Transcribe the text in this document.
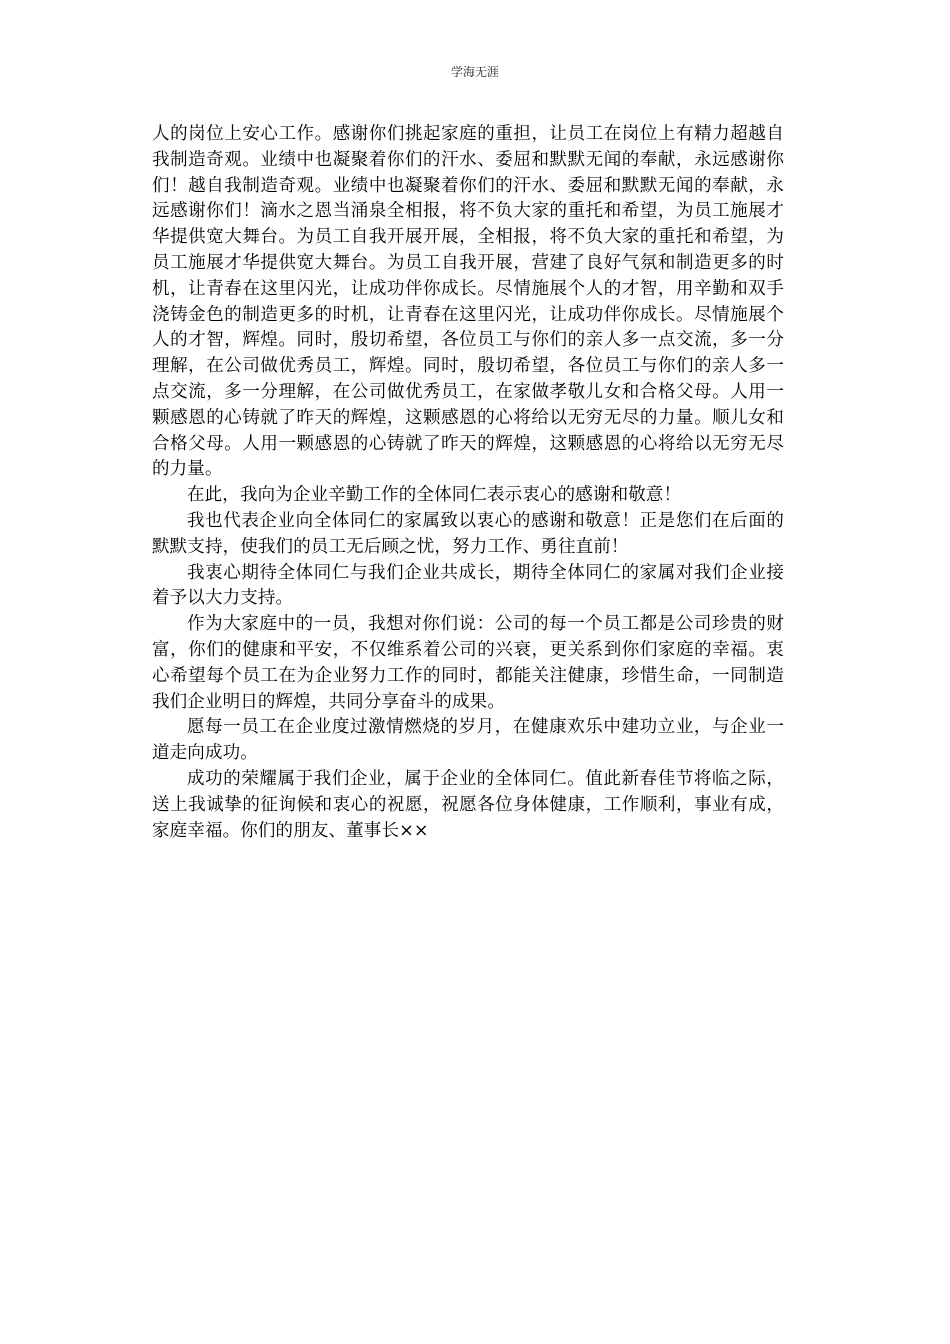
学海无涯

人的岗位上安心工作。感谢你们挑起家庭的重担，让员工在岗位上有精力超越自我制造奇观。业绩中也凝聚着你们的汗水、委屈和默默无闻的奉献，永远感谢你们！越自我制造奇观。业绩中也凝聚着你们的汗水、委屈和默默无闻的奉献，永远感谢你们！滴水之恩当涌泉全相报，将不负大家的重托和希望，为员工施展才华提供宽大舞台。为员工自我开展开展，全相报，将不负大家的重托和希望，为员工施展才华提供宽大舞台。为员工自我开展，营建了良好气氛和制造更多的时机，让青春在这里闪光，让成功伴你成长。尽情施展个人的才智，用辛勤和双手浇铸金色的制造更多的时机，让青春在这里闪光，让成功伴你成长。尽情施展个人的才智，辉煌。同时，殷切希望，各位员工与你们的亲人多一点交流，多一分理解，在公司做优秀员工，辉煌。同时，殷切希望，各位员工与你们的亲人多一点交流，多一分理解，在公司做优秀员工，在家做孝敬儿女和合格父母。人用一颗感恩的心铸就了昨天的辉煌，这颗感恩的心将给以无穷无尽的力量。顺儿女和合格父母。人用一颗感恩的心铸就了昨天的辉煌，这颗感恩的心将给以无穷无尽的力量。

在此，我向为企业辛勤工作的全体同仁表示衷心的感谢和敬意！

我也代表企业向全体同仁的家属致以衷心的感谢和敬意！正是您们在后面的默默支持，使我们的员工无后顾之忧，努力工作、勇往直前！

我衷心期待全体同仁与我们企业共成长，期待全体同仁的家属对我们企业接着予以大力支持。

作为大家庭中的一员，我想对你们说：公司的每一个员工都是公司珍贵的财富，你们的健康和平安，不仅维系着公司的兴衰，更关系到你们家庭的幸福。衷心希望每个员工在为企业努力工作的同时，都能关注健康，珍惜生命，一同制造我们企业明日的辉煌，共同分享奋斗的成果。

愿每一员工在企业度过激情燃烧的岁月，在健康欢乐中建功立业，与企业一道走向成功。

成功的荣耀属于我们企业，属于企业的全体同仁。值此新春佳节将临之际，送上我诚挚的征询候和衷心的祝愿，祝愿各位身体健康，工作顺利，事业有成，家庭幸福。你们的朋友、董事长××
